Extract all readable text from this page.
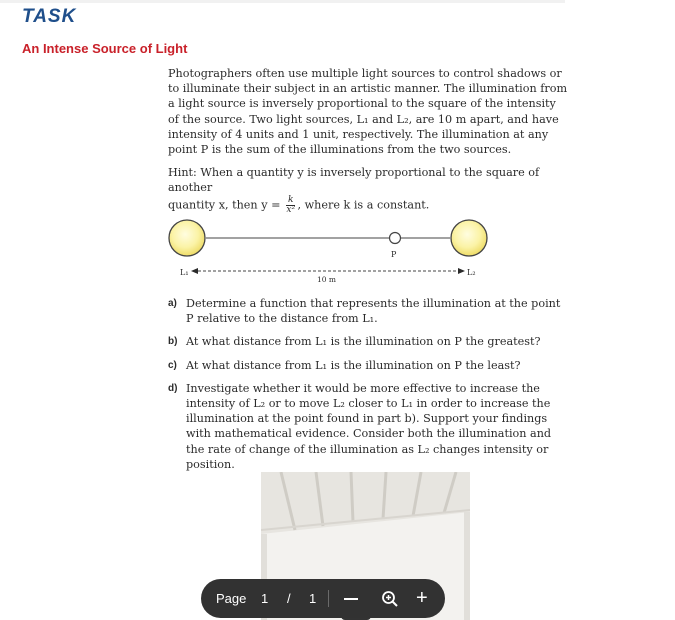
TASK
An Intense Source of Light

Photographers often use multiple light sources to control shadows or to illuminate their subject in an artistic manner. The illumination from a light source is inversely proportional to the square of the intensity of the source. Two light sources, L₁ and L₂, are 10 m apart, and have intensity of 4 units and 1 unit, respectively. The illumination at any point P is the sum of the illuminations from the two sources.

Hint: When a quantity y is inversely proportional to the square of another
quantity x, then $y = \frac{k}{\text{x²}}$ , where k is a constant.

P
L₁	L₂
10 m
a) Determine a function that represents the illumination at the point P relative to the distance from L₁.
b) At what distance from L₁ is the illumination on P the greatest?
c) At what distance from L₁ is the illumination on P the least?
d) Investigate whether it would be more effective to increase the intensity of L₂ or to move L₂ closer to L₁ in order to increase the illumination at the point found in part b). Support your findings with mathematical evidence. Consider both the illumination and the rate of change of the illumination as L₂ changes intensity or position.
Page 1 / 1	+
